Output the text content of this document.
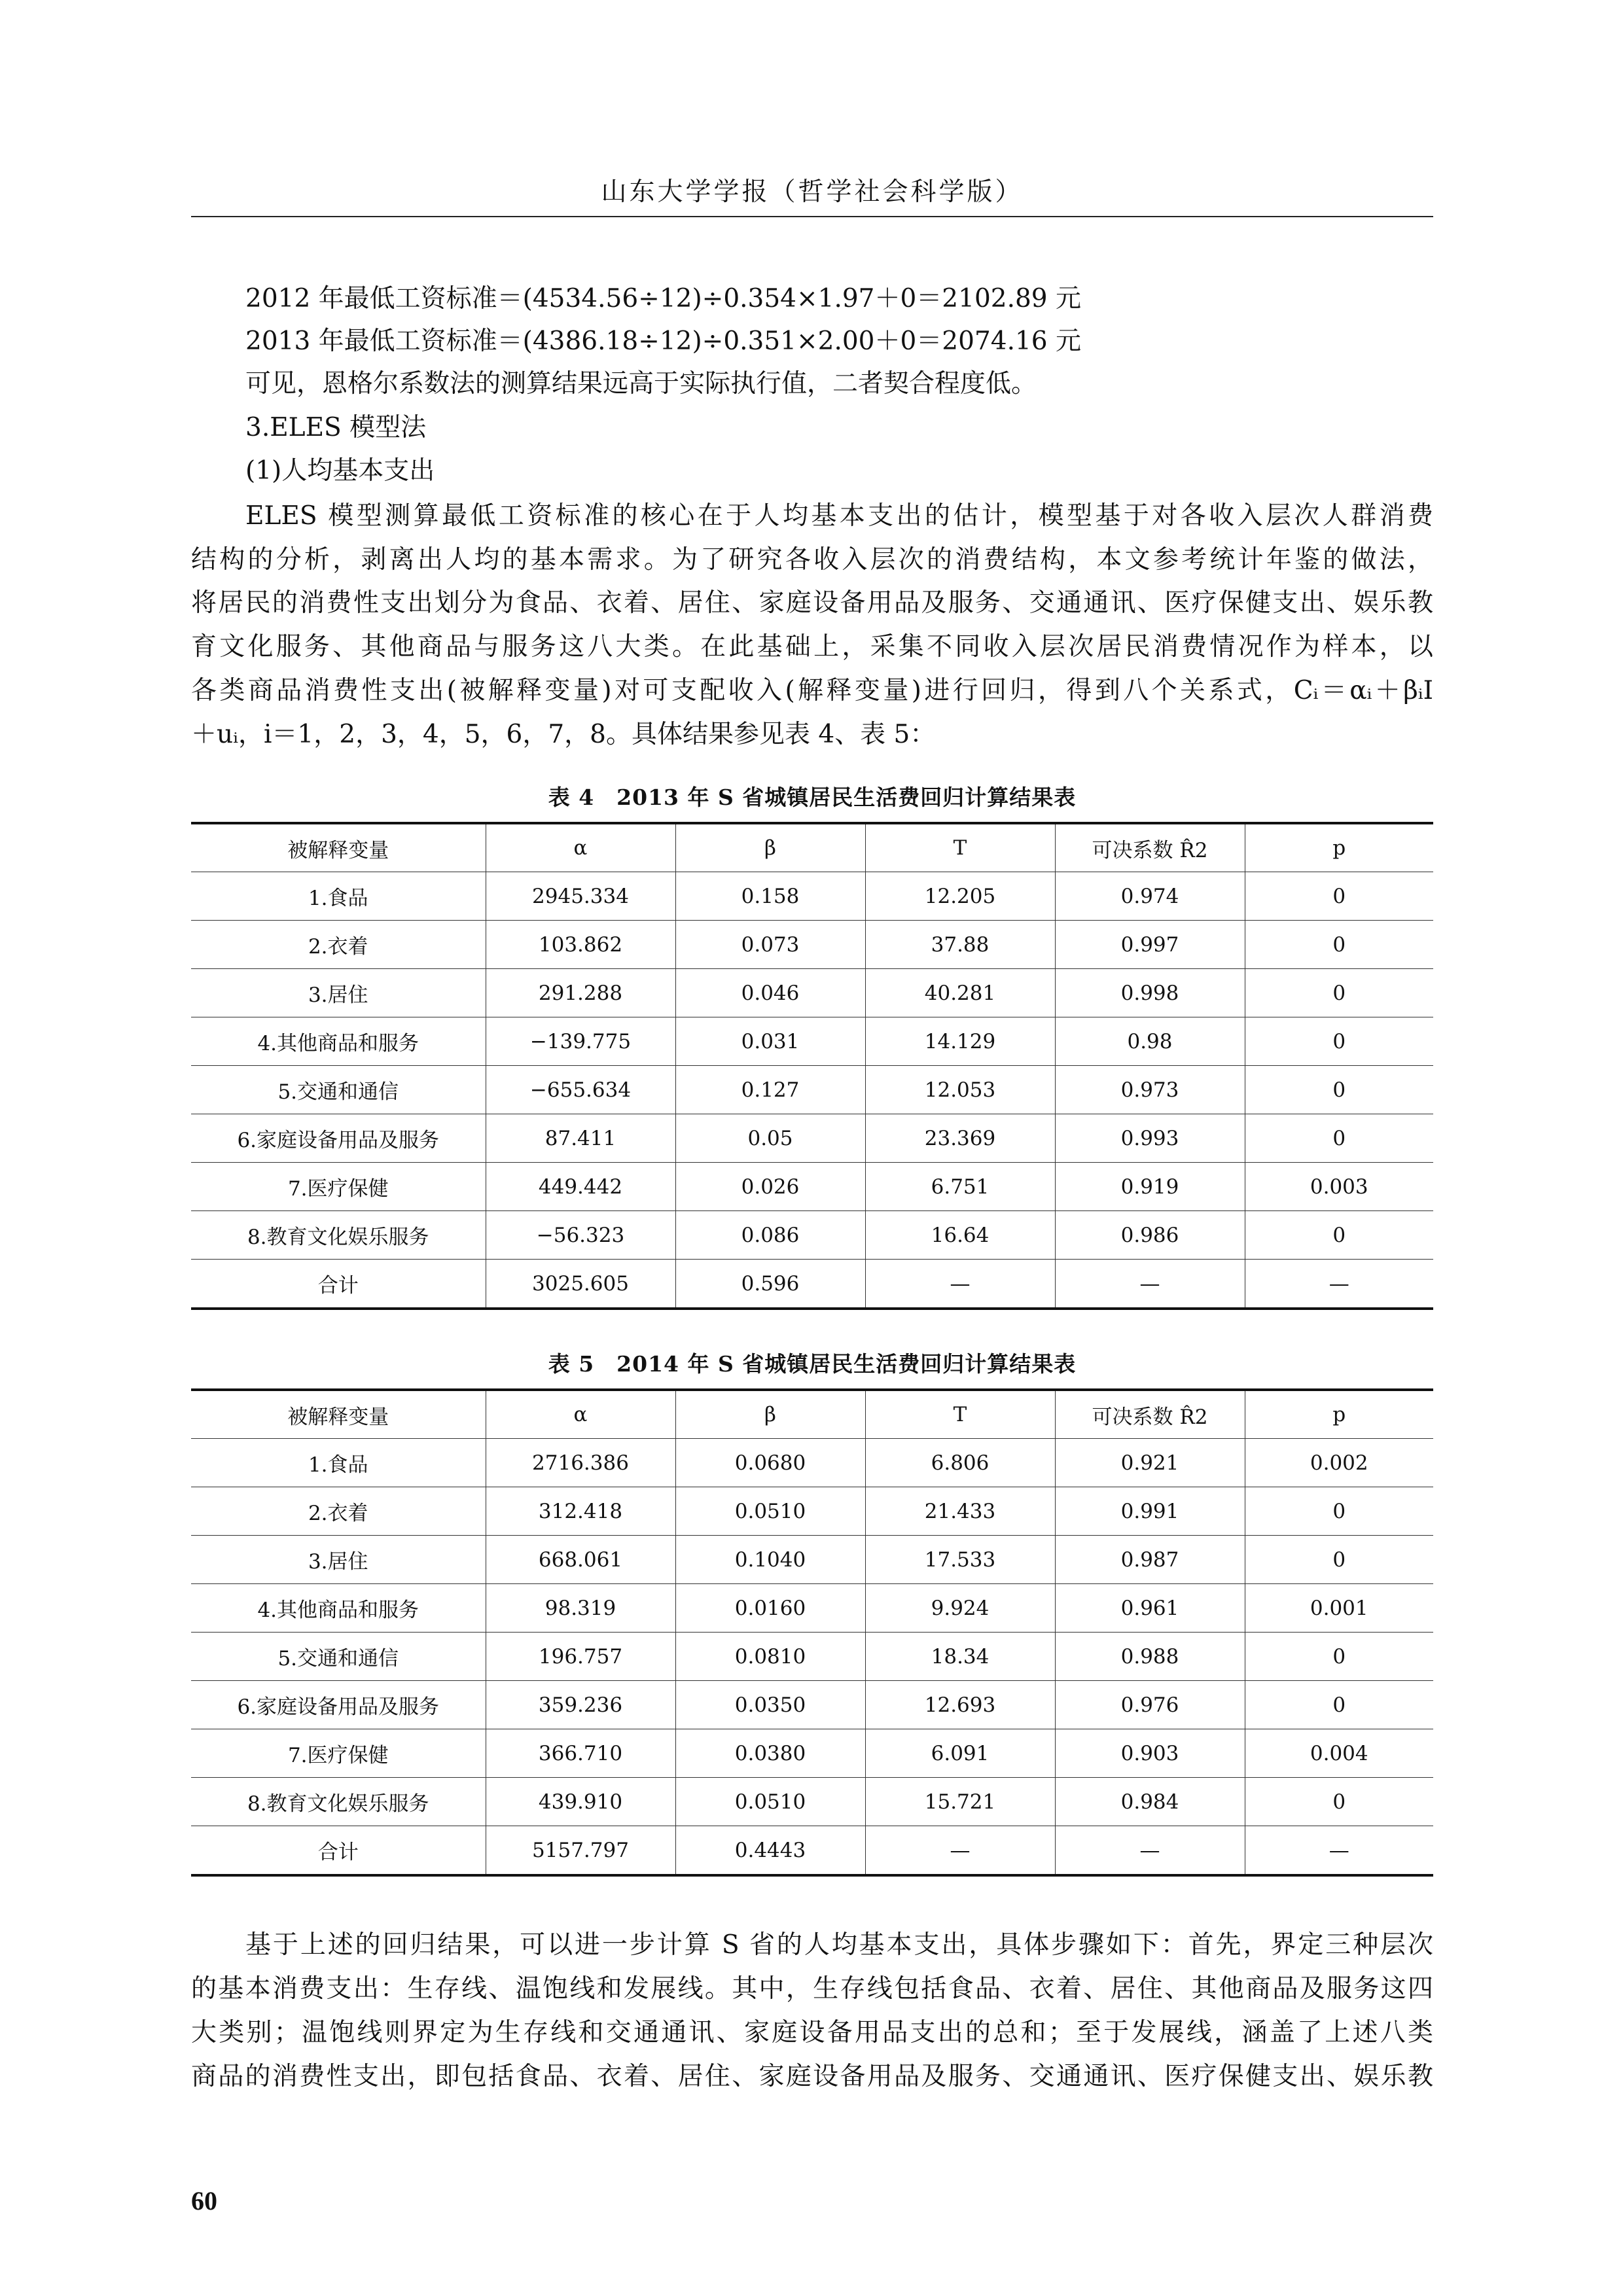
山东大学学报（哲学社会科学版）
2012 年最低工资标准＝(4534.56÷12)÷0.354×1.97＋0＝2102.89 元
2013 年最低工资标准＝(4386.18÷12)÷0.351×2.00＋0＝2074.16 元
可见，恩格尔系数法的测算结果远高于实际执行值，二者契合程度低。
3.ELES 模型法
(1)人均基本支出
ELES 模型测算最低工资标准的核心在于人均基本支出的估计，模型基于对各收入层次人群消费
结构的分析，剥离出人均的基本需求。为了研究各收入层次的消费结构，本文参考统计年鉴的做法，
将居民的消费性支出划分为食品、衣着、居住、家庭设备用品及服务、交通通讯、医疗保健支出、娱乐教
育文化服务、其他商品与服务这八大类。在此基础上，采集不同收入层次居民消费情况作为样本，以
各类商品消费性支出(被解释变量)对可支配收入(解释变量)进行回归，得到八个关系式，Cᵢ＝αᵢ＋βᵢI
＋uᵢ，i＝1，2，3，4，5，6，7，8。具体结果参见表 4、表 5：
表 4　2013 年 S 省城镇居民生活费回归计算结果表
被解释变量	α	β	T	可决系数 R̂2	p
1.食品	2945.334	0.158	12.205	0.974	0
2.衣着	103.862	0.073	37.88	0.997	0
3.居住	291.288	0.046	40.281	0.998	0
4.其他商品和服务	−139.775	0.031	14.129	0.98	0
5.交通和通信	−655.634	0.127	12.053	0.973	0
6.家庭设备用品及服务	87.411	0.05	23.369	0.993	0
7.医疗保健	449.442	0.026	6.751	0.919	0.003
8.教育文化娱乐服务	−56.323	0.086	16.64	0.986	0
合计	3025.605	0.596	—	—	—
表 5　2014 年 S 省城镇居民生活费回归计算结果表
被解释变量	α	β	T	可决系数 R̂2	p
1.食品	2716.386	0.0680	6.806	0.921	0.002
2.衣着	312.418	0.0510	21.433	0.991	0
3.居住	668.061	0.1040	17.533	0.987	0
4.其他商品和服务	98.319	0.0160	9.924	0.961	0.001
5.交通和通信	196.757	0.0810	18.34	0.988	0
6.家庭设备用品及服务	359.236	0.0350	12.693	0.976	0
7.医疗保健	366.710	0.0380	6.091	0.903	0.004
8.教育文化娱乐服务	439.910	0.0510	15.721	0.984	0
合计	5157.797	0.4443	—	—	—
基于上述的回归结果，可以进一步计算 S 省的人均基本支出，具体步骤如下：首先，界定三种层次
的基本消费支出：生存线、温饱线和发展线。其中，生存线包括食品、衣着、居住、其他商品及服务这四
大类别；温饱线则界定为生存线和交通通讯、家庭设备用品支出的总和；至于发展线，涵盖了上述八类
商品的消费性支出，即包括食品、衣着、居住、家庭设备用品及服务、交通通讯、医疗保健支出、娱乐教
60
